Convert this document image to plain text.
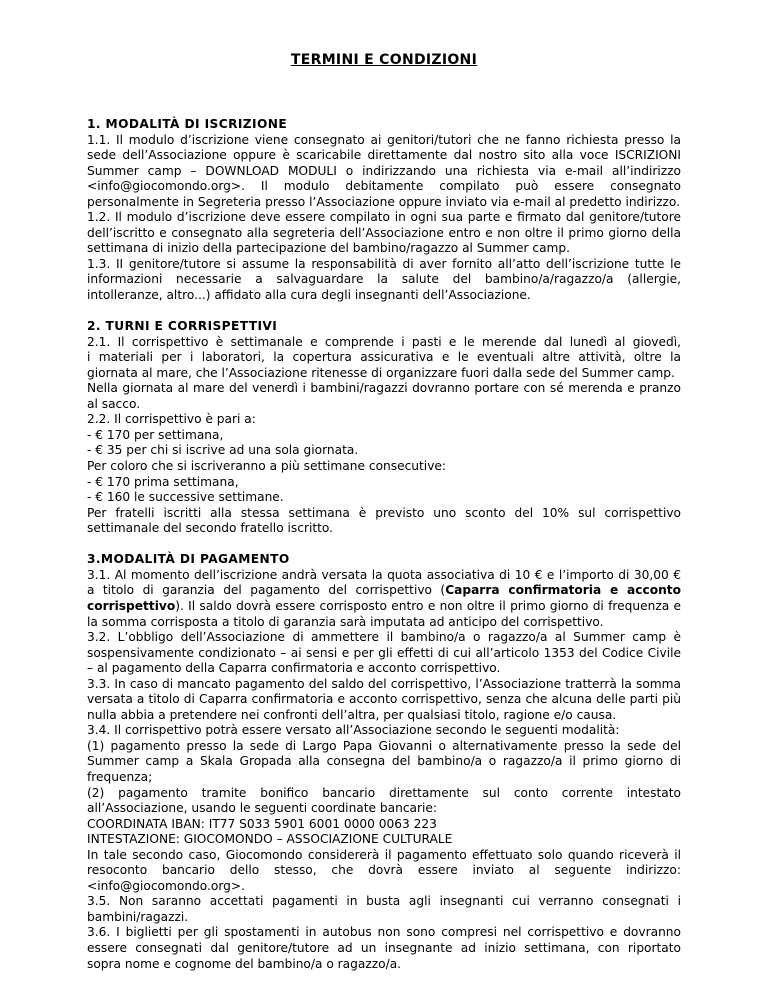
TERMINI E CONDIZIONI
1. MODALITÀ DI ISCRIZIONE

1.1. Il modulo d’iscrizione viene consegnato ai genitori/tutori che ne fanno richiesta presso la

sede dell’Associazione oppure è scaricabile direttamente dal nostro sito alla voce ISCRIZIONI

Summer camp – DOWNLOAD MODULI o indirizzando una richiesta via e-mail all’indirizzo

<info@giocomondo.org>. Il modulo debitamente compilato può essere consegnato

personalmente in Segreteria presso l’Associazione oppure inviato via e-mail al predetto indirizzo.

1.2. Il modulo d’iscrizione deve essere compilato in ogni sua parte e firmato dal genitore/tutore

dell’iscritto e consegnato alla segreteria dell’Associazione entro e non oltre il primo giorno della

settimana di inizio della partecipazione del bambino/ragazzo al Summer camp.

1.3. II genitore/tutore si assume la responsabilità di aver fornito all’atto dell’iscrizione tutte le

informazioni necessarie a salvaguardare la salute del bambino/a/ragazzo/a (allergie,

intolleranze, altro...) affidato alla cura degli insegnanti dell’Associazione.

2. TURNI E CORRISPETTIVI

2.1. Il corrispettivo è settimanale e comprende i pasti e le merende dal lunedì al giovedì,

i materiali per i laboratori, la copertura assicurativa e le eventuali altre attività, oltre la

giornata al mare, che l’Associazione ritenesse di organizzare fuori dalla sede del Summer camp.

Nella giornata al mare del venerdì i bambini/ragazzi dovranno portare con sé merenda e pranzo

al sacco.

2.2. Il corrispettivo è pari a:

- € 170 per settimana,

- € 35 per chi si iscrive ad una sola giornata.

Per coloro che si iscriveranno a più settimane consecutive:

- € 170 prima settimana,

- € 160 le successive settimane.

Per fratelli iscritti alla stessa settimana è previsto uno sconto del 10% sul corrispettivo

settimanale del secondo fratello iscritto.

3.MODALITÀ DI PAGAMENTO

3.1. Al momento dell’iscrizione andrà versata la quota associativa di 10 € e l’importo di 30,00 €

a titolo di garanzia del pagamento del corrispettivo (Caparra confirmatoria e acconto

corrispettivo). Il saldo dovrà essere corrisposto entro e non oltre il primo giorno di frequenza e

la somma corrisposta a titolo di garanzia sarà imputata ad anticipo del corrispettivo.

3.2. L’obbligo dell’Associazione di ammettere il bambino/a o ragazzo/a al Summer camp è

sospensivamente condizionato – ai sensi e per gli effetti di cui all’articolo 1353 del Codice Civile

– al pagamento della Caparra confirmatoria e acconto corrispettivo.

3.3. In caso di mancato pagamento del saldo del corrispettivo, l’Associazione tratterrà la somma

versata a titolo di Caparra confirmatoria e acconto corrispettivo, senza che alcuna delle parti più

nulla abbia a pretendere nei confronti dell’altra, per qualsiasi titolo, ragione e/o causa.

3.4. Il corrispettivo potrà essere versato all’Associazione secondo le seguenti modalità:

(1) pagamento presso la sede di Largo Papa Giovanni o alternativamente presso la sede del

Summer camp a Skala Gropada alla consegna del bambino/a o ragazzo/a il primo giorno di

frequenza;

(2) pagamento tramite bonifico bancario direttamente sul conto corrente intestato

all’Associazione, usando le seguenti coordinate bancarie:

COORDINATA IBAN: IT77 S033 5901 6001 0000 0063 223

INTESTAZIONE: GIOCOMONDO – ASSOCIAZIONE CULTURALE

In tale secondo caso, Giocomondo considererà il pagamento effettuato solo quando riceverà il

resoconto bancario dello stesso, che dovrà essere inviato al seguente indirizzo:

<info@giocomondo.org>.

3.5. Non saranno accettati pagamenti in busta agli insegnanti cui verranno consegnati i

bambini/ragazzi.

3.6. I biglietti per gli spostamenti in autobus non sono compresi nel corrispettivo e dovranno

essere consegnati dal genitore/tutore ad un insegnante ad inizio settimana, con riportato

sopra nome e cognome del bambino/a o ragazzo/a.
